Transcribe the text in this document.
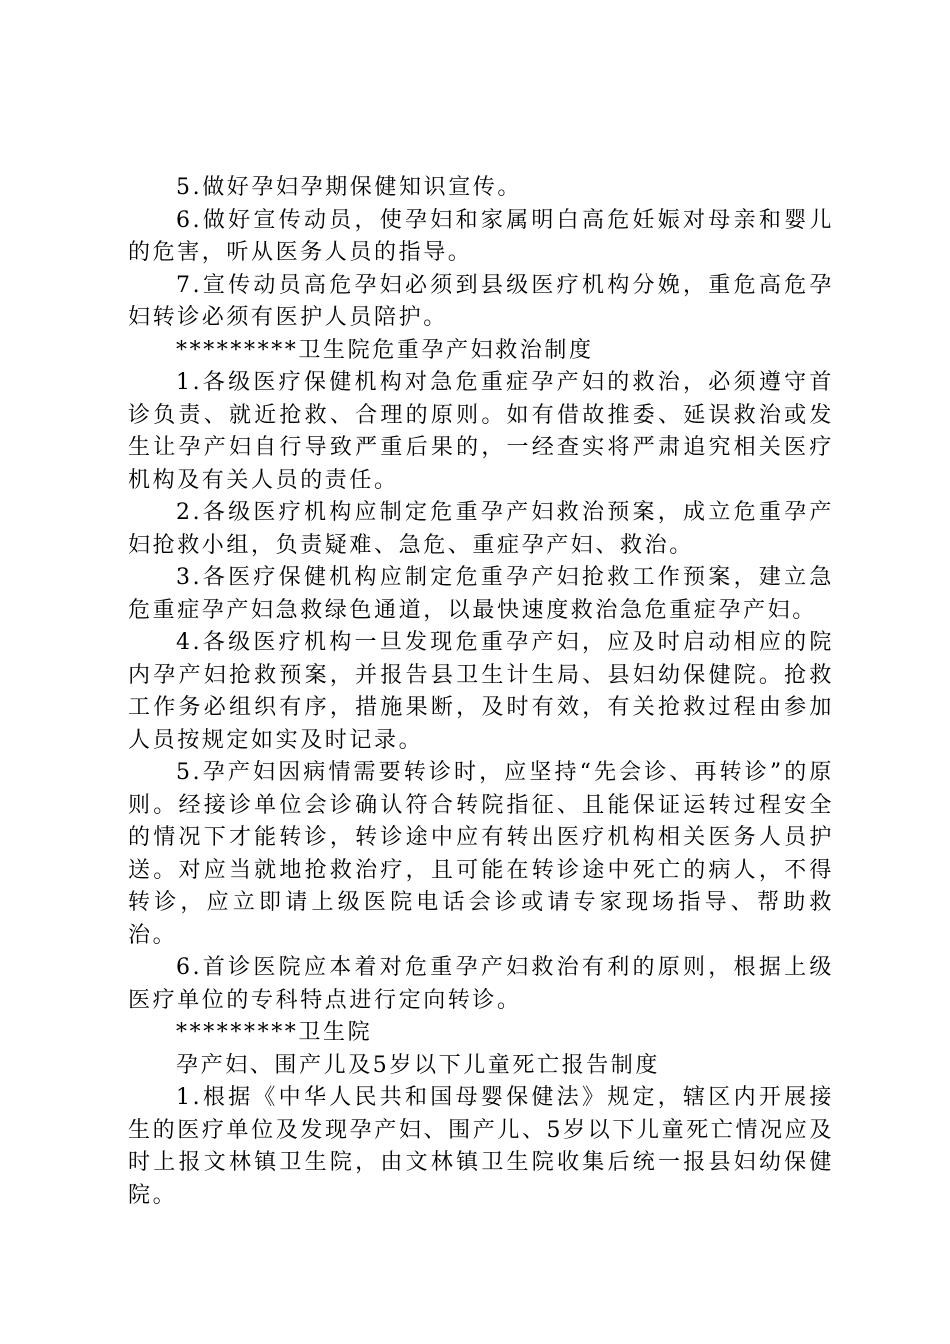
5.做好孕妇孕期保健知识宣传。

6.做好宣传动员，使孕妇和家属明白高危妊娠对母亲和婴儿的危害，听从医务人员的指导。

7.宣传动员高危孕妇必须到县级医疗机构分娩，重危高危孕妇转诊必须有医护人员陪护。

*********卫生院危重孕产妇救治制度

1.各级医疗保健机构对急危重症孕产妇的救治，必须遵守首诊负责、就近抢救、合理的原则。如有借故推委、延误救治或发生让孕产妇自行导致严重后果的，一经查实将严肃追究相关医疗机构及有关人员的责任。

2.各级医疗机构应制定危重孕产妇救治预案，成立危重孕产妇抢救小组，负责疑难、急危、重症孕产妇、救治。

3.各医疗保健机构应制定危重孕产妇抢救工作预案，建立急危重症孕产妇急救绿色通道，以最快速度救治急危重症孕产妇。

4.各级医疗机构一旦发现危重孕产妇，应及时启动相应的院内孕产妇抢救预案，并报告县卫生计生局、县妇幼保健院。抢救工作务必组织有序，措施果断，及时有效，有关抢救过程由参加人员按规定如实及时记录。

5.孕产妇因病情需要转诊时，应坚持“先会诊、再转诊”的原则。经接诊单位会诊确认符合转院指征、且能保证运转过程安全的情况下才能转诊，转诊途中应有转出医疗机构相关医务人员护送。对应当就地抢救治疗，且可能在转诊途中死亡的病人，不得转诊，应立即请上级医院电话会诊或请专家现场指导、帮助救治。

6.首诊医院应本着对危重孕产妇救治有利的原则，根据上级医疗单位的专科特点进行定向转诊。

*********卫生院

孕产妇、围产儿及5岁以下儿童死亡报告制度

1.根据《中华人民共和国母婴保健法》规定，辖区内开展接生的医疗单位及发现孕产妇、围产儿、5岁以下儿童死亡情况应及时上报文林镇卫生院，由文林镇卫生院收集后统一报县妇幼保健院。
